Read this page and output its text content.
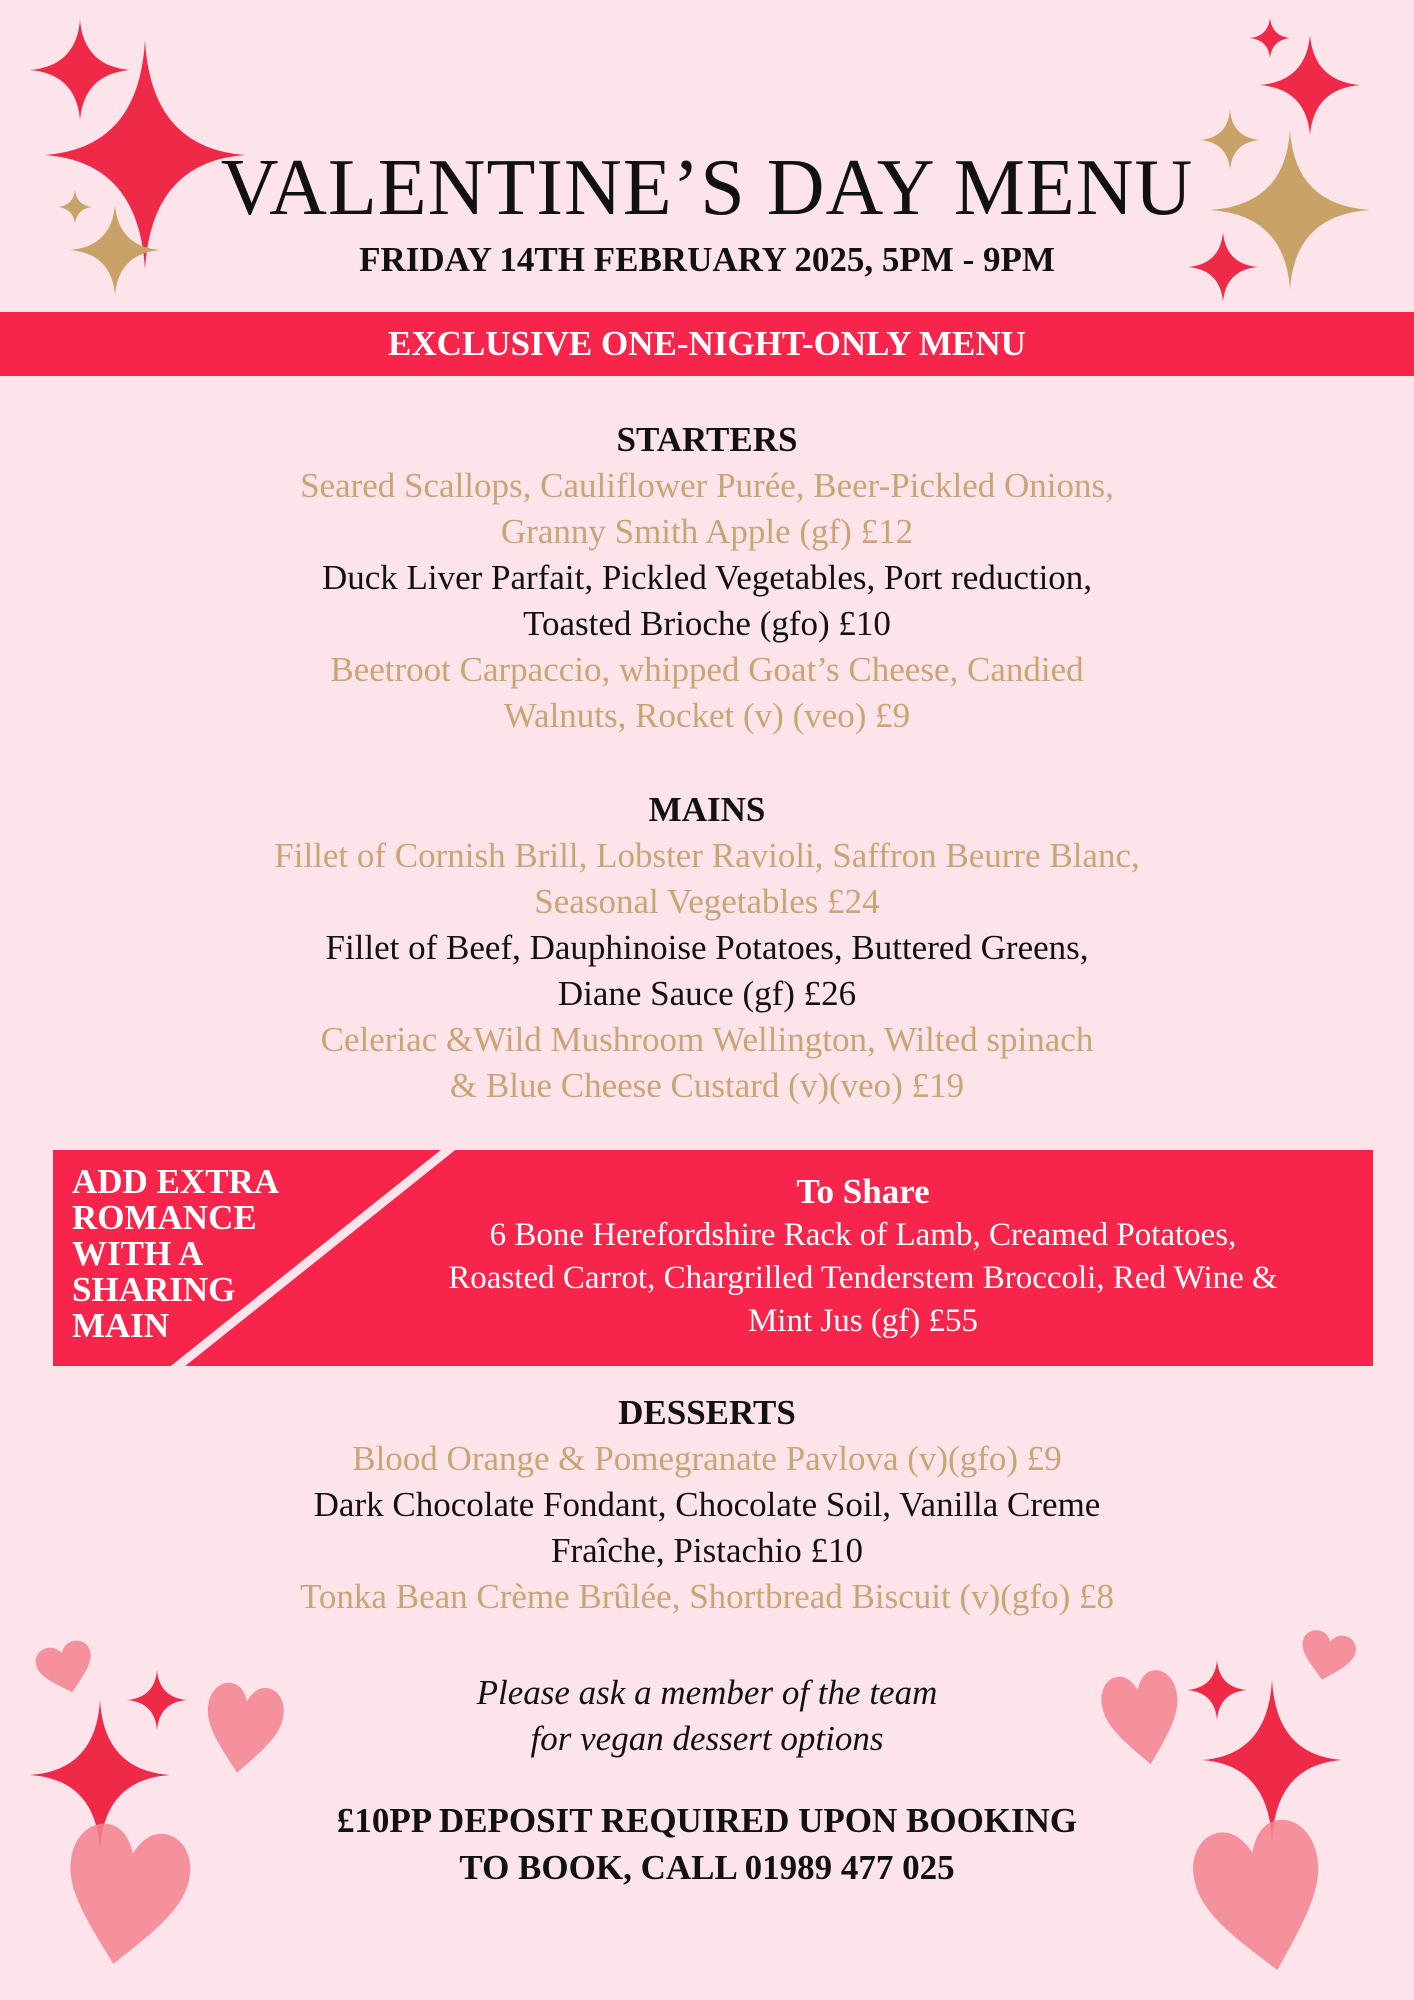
VALENTINE’S DAY MENU
FRIDAY 14TH FEBRUARY 2025, 5PM - 9PM
EXCLUSIVE ONE-NIGHT-ONLY MENU
STARTERS
Seared Scallops, Cauliflower Purée, Beer-Pickled Onions,
Granny Smith Apple (gf) £12
Duck Liver Parfait, Pickled Vegetables, Port reduction,
Toasted Brioche (gfo) £10
Beetroot Carpaccio, whipped Goat’s Cheese, Candied
Walnuts, Rocket (v) (veo) £9
MAINS
Fillet of Cornish Brill, Lobster Ravioli, Saffron Beurre Blanc,
Seasonal Vegetables £24
Fillet of Beef, Dauphinoise Potatoes, Buttered Greens,
Diane Sauce (gf) £26
Celeriac &Wild Mushroom Wellington, Wilted spinach
& Blue Cheese Custard (v)(veo) £19
ADD EXTRA
ROMANCE
WITH A
SHARING
MAIN
To Share

6 Bone Herefordshire Rack of Lamb, Creamed Potatoes,

Roasted Carrot, Chargrilled Tenderstem Broccoli, Red Wine &

Mint Jus (gf) £55

DESSERTS
Blood Orange & Pomegranate Pavlova (v)(gfo) £9
Dark Chocolate Fondant, Chocolate Soil, Vanilla Creme
Fraîche, Pistachio £10
Tonka Bean Crème Brûlée, Shortbread Biscuit (v)(gfo) £8
Please ask a member of the team
for vegan dessert options
£10PP DEPOSIT REQUIRED UPON BOOKING
TO BOOK, CALL 01989 477 025
